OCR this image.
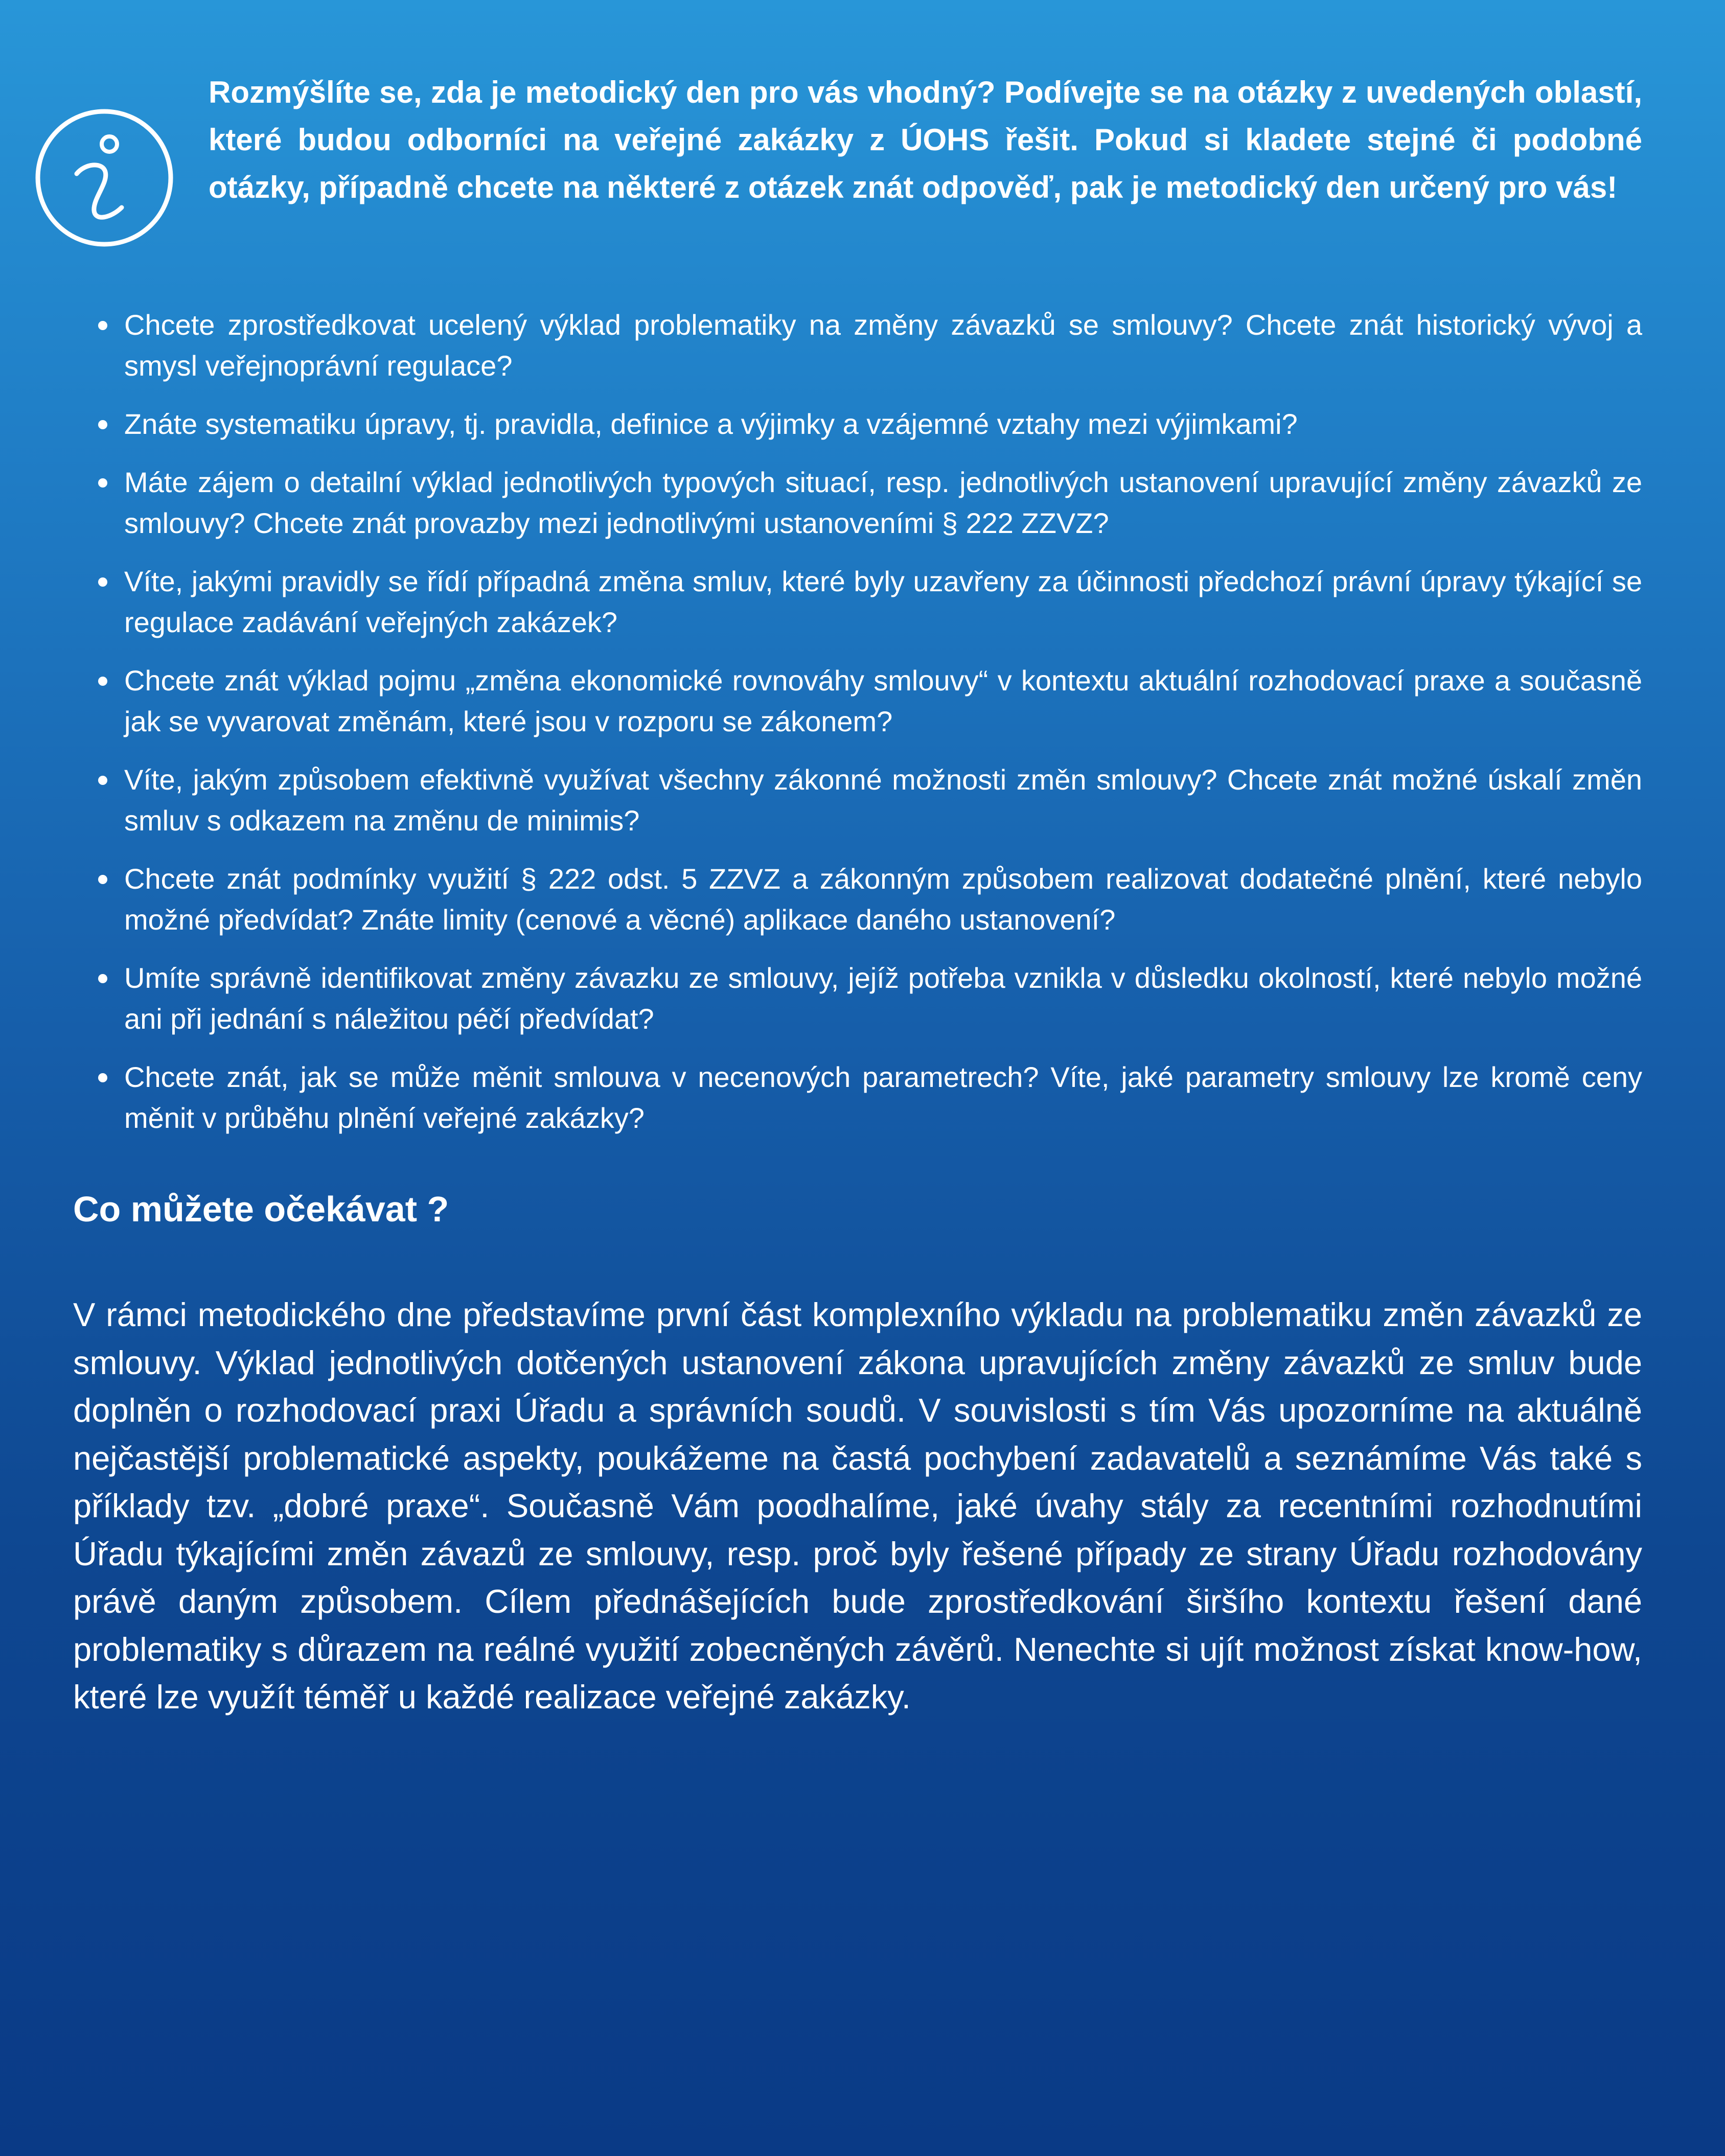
Rozmýšlíte se, zda je metodický den pro vás vhodný? Podívejte se na otázky z uvedených oblastí, které budou odborníci na veřejné zakázky z ÚOHS řešit. Pokud si kladete stejné či podobné otázky, případně chcete na některé z otázek znát odpověď, pak je metodický den určený pro vás!

Chcete zprostředkovat ucelený výklad problematiky na změny závazků se smlouvy? Chcete znát historický vývoj a smysl veřejnoprávní regulace?
Znáte systematiku úpravy, tj. pravidla, definice a výjimky a vzájemné vztahy mezi výjimkami?
Máte zájem o detailní výklad jednotlivých typových situací, resp. jednotlivých ustanovení upravující změny závazků ze smlouvy? Chcete znát provazby mezi jednotlivými ustanoveními § 222 ZZVZ?
Víte, jakými pravidly se řídí případná změna smluv, které byly uzavřeny za účinnosti předchozí právní úpravy týkající se regulace zadávání veřejných zakázek?
Chcete znát výklad pojmu „změna ekonomické rovnováhy smlouvy“ v kontextu aktuální rozhodovací praxe a současně jak se vyvarovat změnám, které jsou v rozporu se zákonem?
Víte, jakým způsobem efektivně využívat všechny zákonné možnosti změn smlouvy? Chcete znát možné úskalí změn smluv s odkazem na změnu de minimis?
Chcete znát podmínky využití § 222 odst. 5 ZZVZ a zákonným způsobem realizovat dodatečné plnění, které nebylo možné předvídat? Znáte limity (cenové a věcné) aplikace daného ustanovení?
Umíte správně identifikovat změny závazku ze smlouvy, jejíž potřeba vznikla v důsledku okolností, které nebylo možné ani při jednání s náležitou péčí předvídat?
Chcete znát, jak se může měnit smlouva v necenových parametrech? Víte, jaké parametry smlouvy lze kromě ceny měnit v průběhu plnění veřejné zakázky?
Co můžete očekávat ?

V rámci metodického dne představíme první část komplexního výkladu na problematiku změn závazků ze smlouvy. Výklad jednotlivých dotčených ustanovení zákona upravujících změny závazků ze smluv bude doplněn o rozhodovací praxi Úřadu a správních soudů. V souvislosti s tím Vás upozorníme na aktuálně nejčastější problematické aspekty, poukážeme na častá pochybení zadavatelů a seznámíme Vás také s příklady tzv. „dobré praxe“. Současně Vám poodhalíme, jaké úvahy stály za recentními rozhodnutími Úřadu týkajícími změn závazů ze smlouvy, resp. proč byly řešené případy ze strany Úřadu rozhodovány právě daným způsobem. Cílem přednášejících bude zprostředkování širšího kontextu řešení dané problematiky s důrazem na reálné využití zobecněných závěrů. Nenechte si ujít možnost získat know-how, které lze využít téměř u každé realizace veřejné zakázky.
